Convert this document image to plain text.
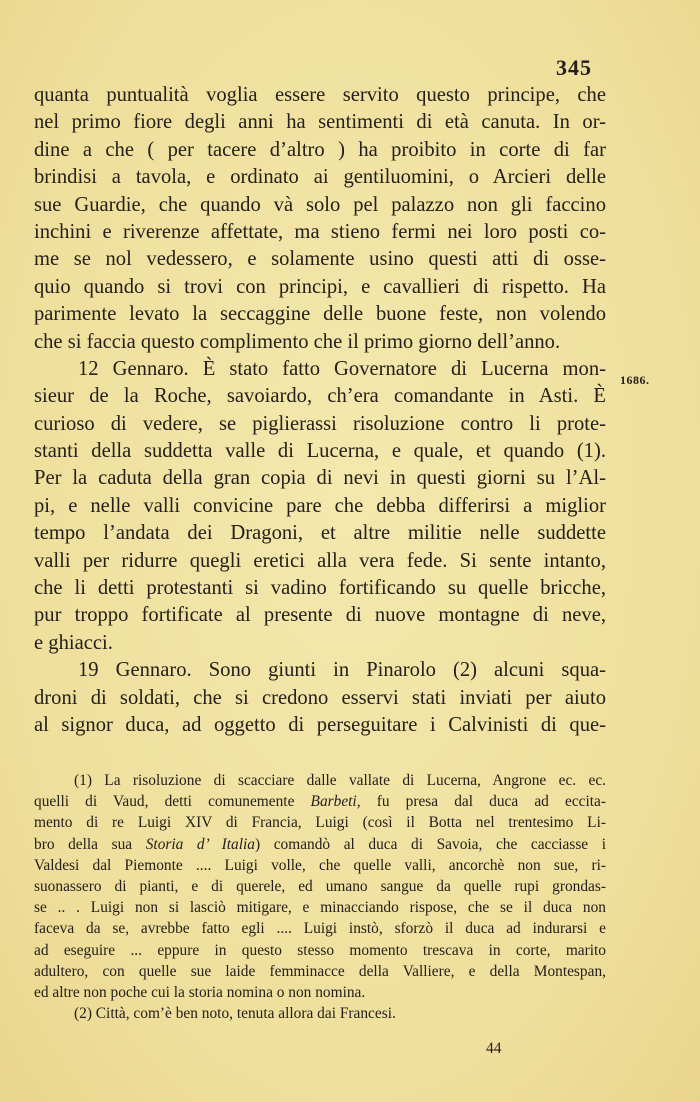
345
1686.
quanta puntualità voglia essere servito questo principe, che
nel primo fiore degli anni ha sentimenti di età canuta. In or-
dine a che ( per tacere d’altro ) ha proibito in corte di far
brindisi a tavola, e ordinato ai gentiluomini, o Arcieri delle
sue Guardie, che quando và solo pel palazzo non gli faccino
inchini e riverenze affettate, ma stieno fermi nei loro posti co-
me se nol vedessero, e solamente usino questi atti di osse-
quio quando si trovi con principi, e cavallieri di rispetto. Ha
parimente levato la seccaggine delle buone feste, non volendo
che si faccia questo complimento che il primo giorno dell’anno.
12 Gennaro. È stato fatto Governatore di Lucerna mon-
sieur de la Roche, savoiardo, ch’era comandante in Asti. È
curioso di vedere, se piglierassi risoluzione contro li prote-
stanti della suddetta valle di Lucerna, e quale, et quando (1).
Per la caduta della gran copia di nevi in questi giorni su l’Al-
pi, e nelle valli convicine pare che debba differirsi a miglior
tempo l’andata dei Dragoni, et altre militie nelle suddette
valli per ridurre quegli eretici alla vera fede. Si sente intanto,
che li detti protestanti si vadino fortificando su quelle bricche,
pur troppo fortificate al presente di nuove montagne di neve,
e ghiacci.
19 Gennaro. Sono giunti in Pinarolo (2) alcuni squa-
droni di soldati, che si credono esservi stati inviati per aiuto
al signor duca, ad oggetto di perseguitare i Calvinisti di que-
(1) La risoluzione di scacciare dalle vallate di Lucerna, Angrone ec. ec.
quelli di Vaud, detti comunemente Barbeti, fu presa dal duca ad eccita-
mento di re Luigi XIV di Francia, Luigi (così il Botta nel trentesimo Li-
bro della sua Storia d’ Italia) comandò al duca di Savoia, che cacciasse i
Valdesi dal Piemonte .... Luigi volle, che quelle valli, ancorchè non sue, ri-
suonassero di pianti, e di querele, ed umano sangue da quelle rupi grondas-
se .. . Luigi non si lasciò mitigare, e minacciando rispose, che se il duca non
faceva da se, avrebbe fatto egli .... Luigi instò, sforzò il duca ad indurarsi e
ad eseguire ... eppure in questo stesso momento trescava in corte, marito
adultero, con quelle sue laide femminacce della Valliere, e della Montespan,
ed altre non poche cui la storia nomina o non nomina.
(2) Città, com’è ben noto, tenuta allora dai Francesi.
44
